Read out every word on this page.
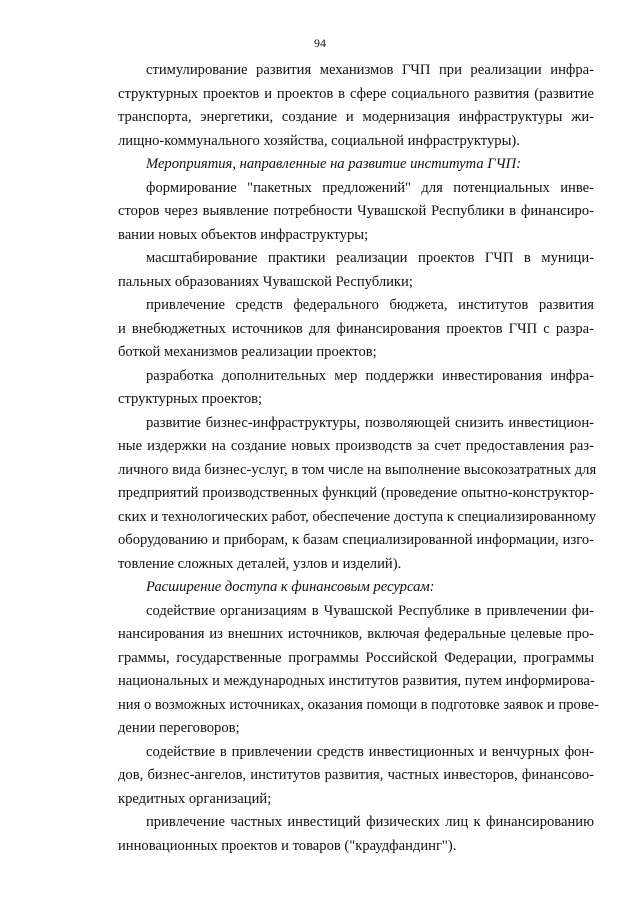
94
стимулирование развития механизмов ГЧП при реализации инфра-
структурных проектов и проектов в сфере социального развития (развитие
транспорта, энергетики, создание и модернизация инфраструктуры жи-
лищно-коммунального хозяйства, социальной инфраструктуры).
Мероприятия, направленные на развитие института ГЧП:
формирование "пакетных предложений" для потенциальных инве-
сторов через выявление потребности Чувашской Республики в финансиро-
вании новых объектов инфраструктуры;
масштабирование практики реализации проектов ГЧП в муници-
пальных образованиях Чувашской Республики;
привлечение средств федерального бюджета, институтов развития
и внебюджетных источников для финансирования проектов ГЧП с разра-
боткой механизмов реализации проектов;
разработка дополнительных мер поддержки инвестирования инфра-
структурных проектов;
развитие бизнес-инфраструктуры, позволяющей снизить инвестицион-
ные издержки на создание новых производств за счет предоставления раз-
личного вида бизнес-услуг, в том числе на выполнение высокозатратных для
предприятий производственных функций (проведение опытно-конструктор-
ских и технологических работ, обеспечение доступа к специализированному
оборудованию и приборам, к базам специализированной информации, изго-
товление сложных деталей, узлов и изделий).
Расширение доступа к финансовым ресурсам:
содействие организациям в Чувашской Республике в привлечении фи-
нансирования из внешних источников, включая федеральные целевые про-
граммы, государственные программы Российской Федерации, программы
национальных и международных институтов развития, путем информирова-
ния о возможных источниках, оказания помощи в подготовке заявок и прове-
дении переговоров;
содействие в привлечении средств инвестиционных и венчурных фон-
дов, бизнес-ангелов, институтов развития, частных инвесторов, финансово-
кредитных организаций;
привлечение частных инвестиций физических лиц к финансированию
инновационных проектов и товаров ("краудфандинг").
